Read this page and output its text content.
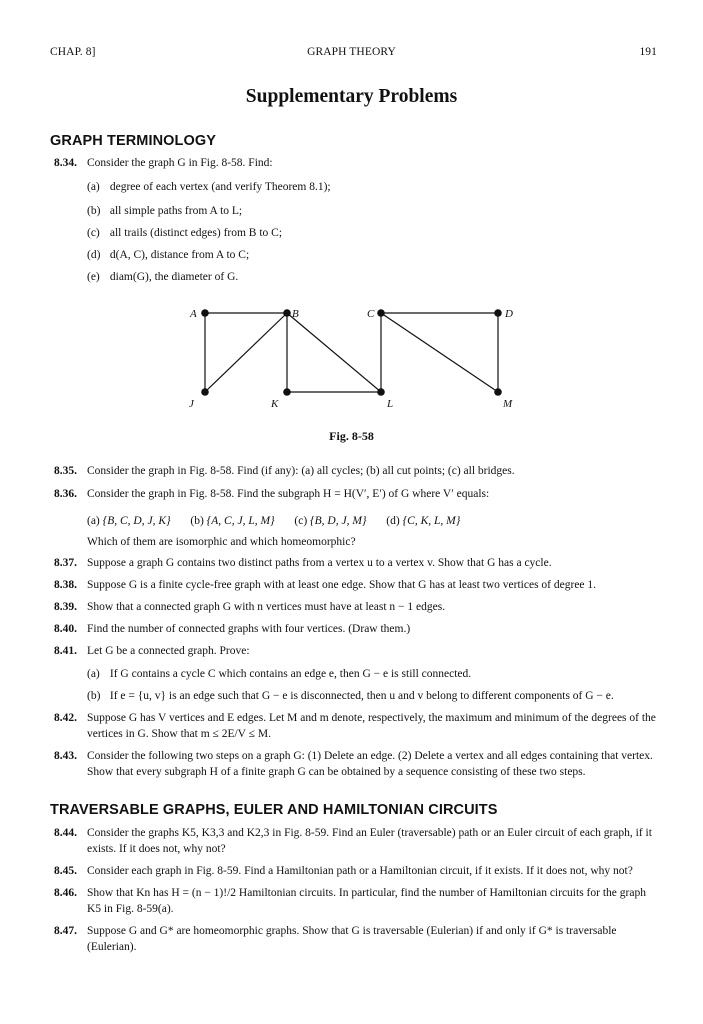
CHAP. 8]	GRAPH THEORY	191
Supplementary Problems
GRAPH TERMINOLOGY
8.34. Consider the graph G in Fig. 8-58. Find:
(a) degree of each vertex (and verify Theorem 8.1);
(b) all simple paths from A to L;
(c) all trails (distinct edges) from B to C;
(d) d(A, C), distance from A to C;
(e) diam(G), the diameter of G.
A	B	C	D
J	K	L	M
Fig. 8-58
8.35. Consider the graph in Fig. 8-58. Find (if any): (a) all cycles; (b) all cut points; (c) all bridges.
8.36. Consider the graph in Fig. 8-58. Find the subgraph H = H(V′, E′) of G where V′ equals:
(a) {B, C, D, J, K} (b) {A, C, J, L, M} (c) {B, D, J, M} (d) {C, K, L, M}
Which of them are isomorphic and which homeomorphic?
8.37. Suppose a graph G contains two distinct paths from a vertex u to a vertex v. Show that G has a cycle.
8.38. Suppose G is a finite cycle-free graph with at least one edge. Show that G has at least two vertices of degree 1.
8.39. Show that a connected graph G with n vertices must have at least n − 1 edges.
8.40. Find the number of connected graphs with four vertices. (Draw them.)
8.41. Let G be a connected graph. Prove:
(a) If G contains a cycle C which contains an edge e, then G − e is still connected.
(b) If e = {u, v} is an edge such that G − e is disconnected, then u and v belong to different components of G − e.
8.42. Suppose G has V vertices and E edges. Let M and m denote, respectively, the maximum and minimum of the degrees of the vertices in G. Show that m ≤ 2E/V ≤ M.
8.43. Consider the following two steps on a graph G: (1) Delete an edge. (2) Delete a vertex and all edges containing that vertex. Show that every subgraph H of a finite graph G can be obtained by a sequence consisting of these two steps.
TRAVERSABLE GRAPHS, EULER AND HAMILTONIAN CIRCUITS
8.44. Consider the graphs K5, K3,3 and K2,3 in Fig. 8-59. Find an Euler (traversable) path or an Euler circuit of each graph, if it exists. If it does not, why not?
8.45. Consider each graph in Fig. 8-59. Find a Hamiltonian path or a Hamiltonian circuit, if it exists. If it does not, why not?
8.46. Show that Kn has H = (n − 1)!/2 Hamiltonian circuits. In particular, find the number of Hamiltonian circuits for the graph K5 in Fig. 8-59(a).
8.47. Suppose G and G* are homeomorphic graphs. Show that G is traversable (Eulerian) if and only if G* is traversable (Eulerian).
